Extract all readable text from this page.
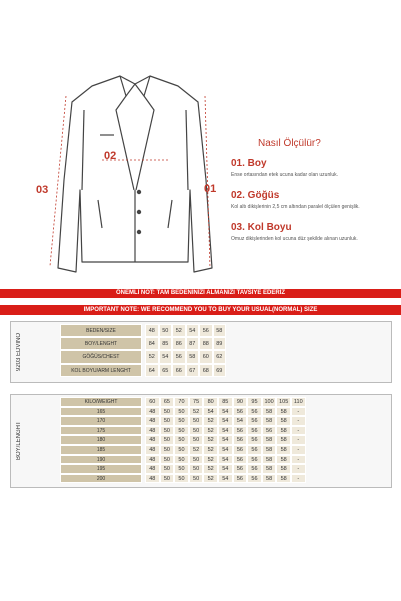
02
01
03
Nasıl Ölçülür?
01. Boy
Ense ortasından etek ucuna kadar olan uzunluk.
02. Göğüs
Kol altı dikişlerinin 2,5 cm altından paralel ölçülen genişlik.
03. Kol Boyu
Omuz dikişlerinden kol ucuna düz şekilde alınan uzunluk.
ÖNEMLİ NOT: TAM BEDENİNİZİ ALMANIZI TAVSİYE EDERİZ
IMPORTANT NOTE: WE RECOMMEND YOU TO BUY YOUR USUAL(NORMAL) SIZE
9203 EDVINO
BEDEN/SIZE	48	50	52	54	56	58
BOY/LENGHT	84	85	86	87	88	89
GÖĞÜS/CHEST	52	54	56	58	60	62
KOL BOYU/ARM LENGHT	64	65	66	67	68	69
BOY/LENGHT
KILO/WEIGHT	60	65	70	75	80	85	90	95	100 105	110
165	48	50	50	52	54	54	56	56	58	58	-
170	48	50	50	50	52	54	54	56	58	58	-
175	48	50	50	50	52	54	56	56	56	58	-
180	48	50	50	50	52	54	56	56	58	58	-
185	48	50	50	52	52	54	56	56	58	58	-
190	48	50	50	50	52	54	56	56	58	58	-
195	48	50	50	50	52	54	56	56	58	58	-
200	48	50	50	50	52	54	56	56	58	58	-
